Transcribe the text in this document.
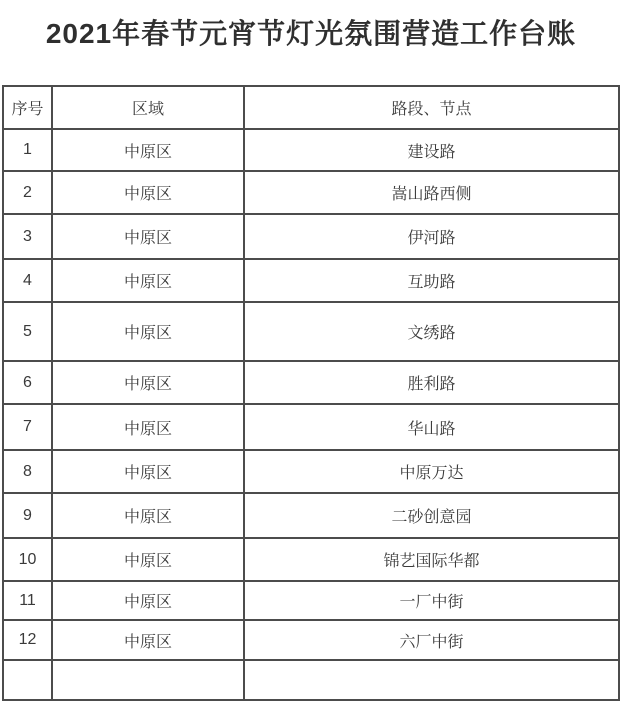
2021年春节元宵节灯光氛围营造工作台账
序号	区域	路段、节点
1	中原区	建设路
2	中原区	嵩山路西侧
3	中原区	伊河路
4	中原区	互助路
5	中原区	文绣路
6	中原区	胜利路
7	中原区	华山路
8	中原区	中原万达
9	中原区	二砂创意园
10	中原区	锦艺国际华都
11	中原区	一厂中街
12	中原区	六厂中街
